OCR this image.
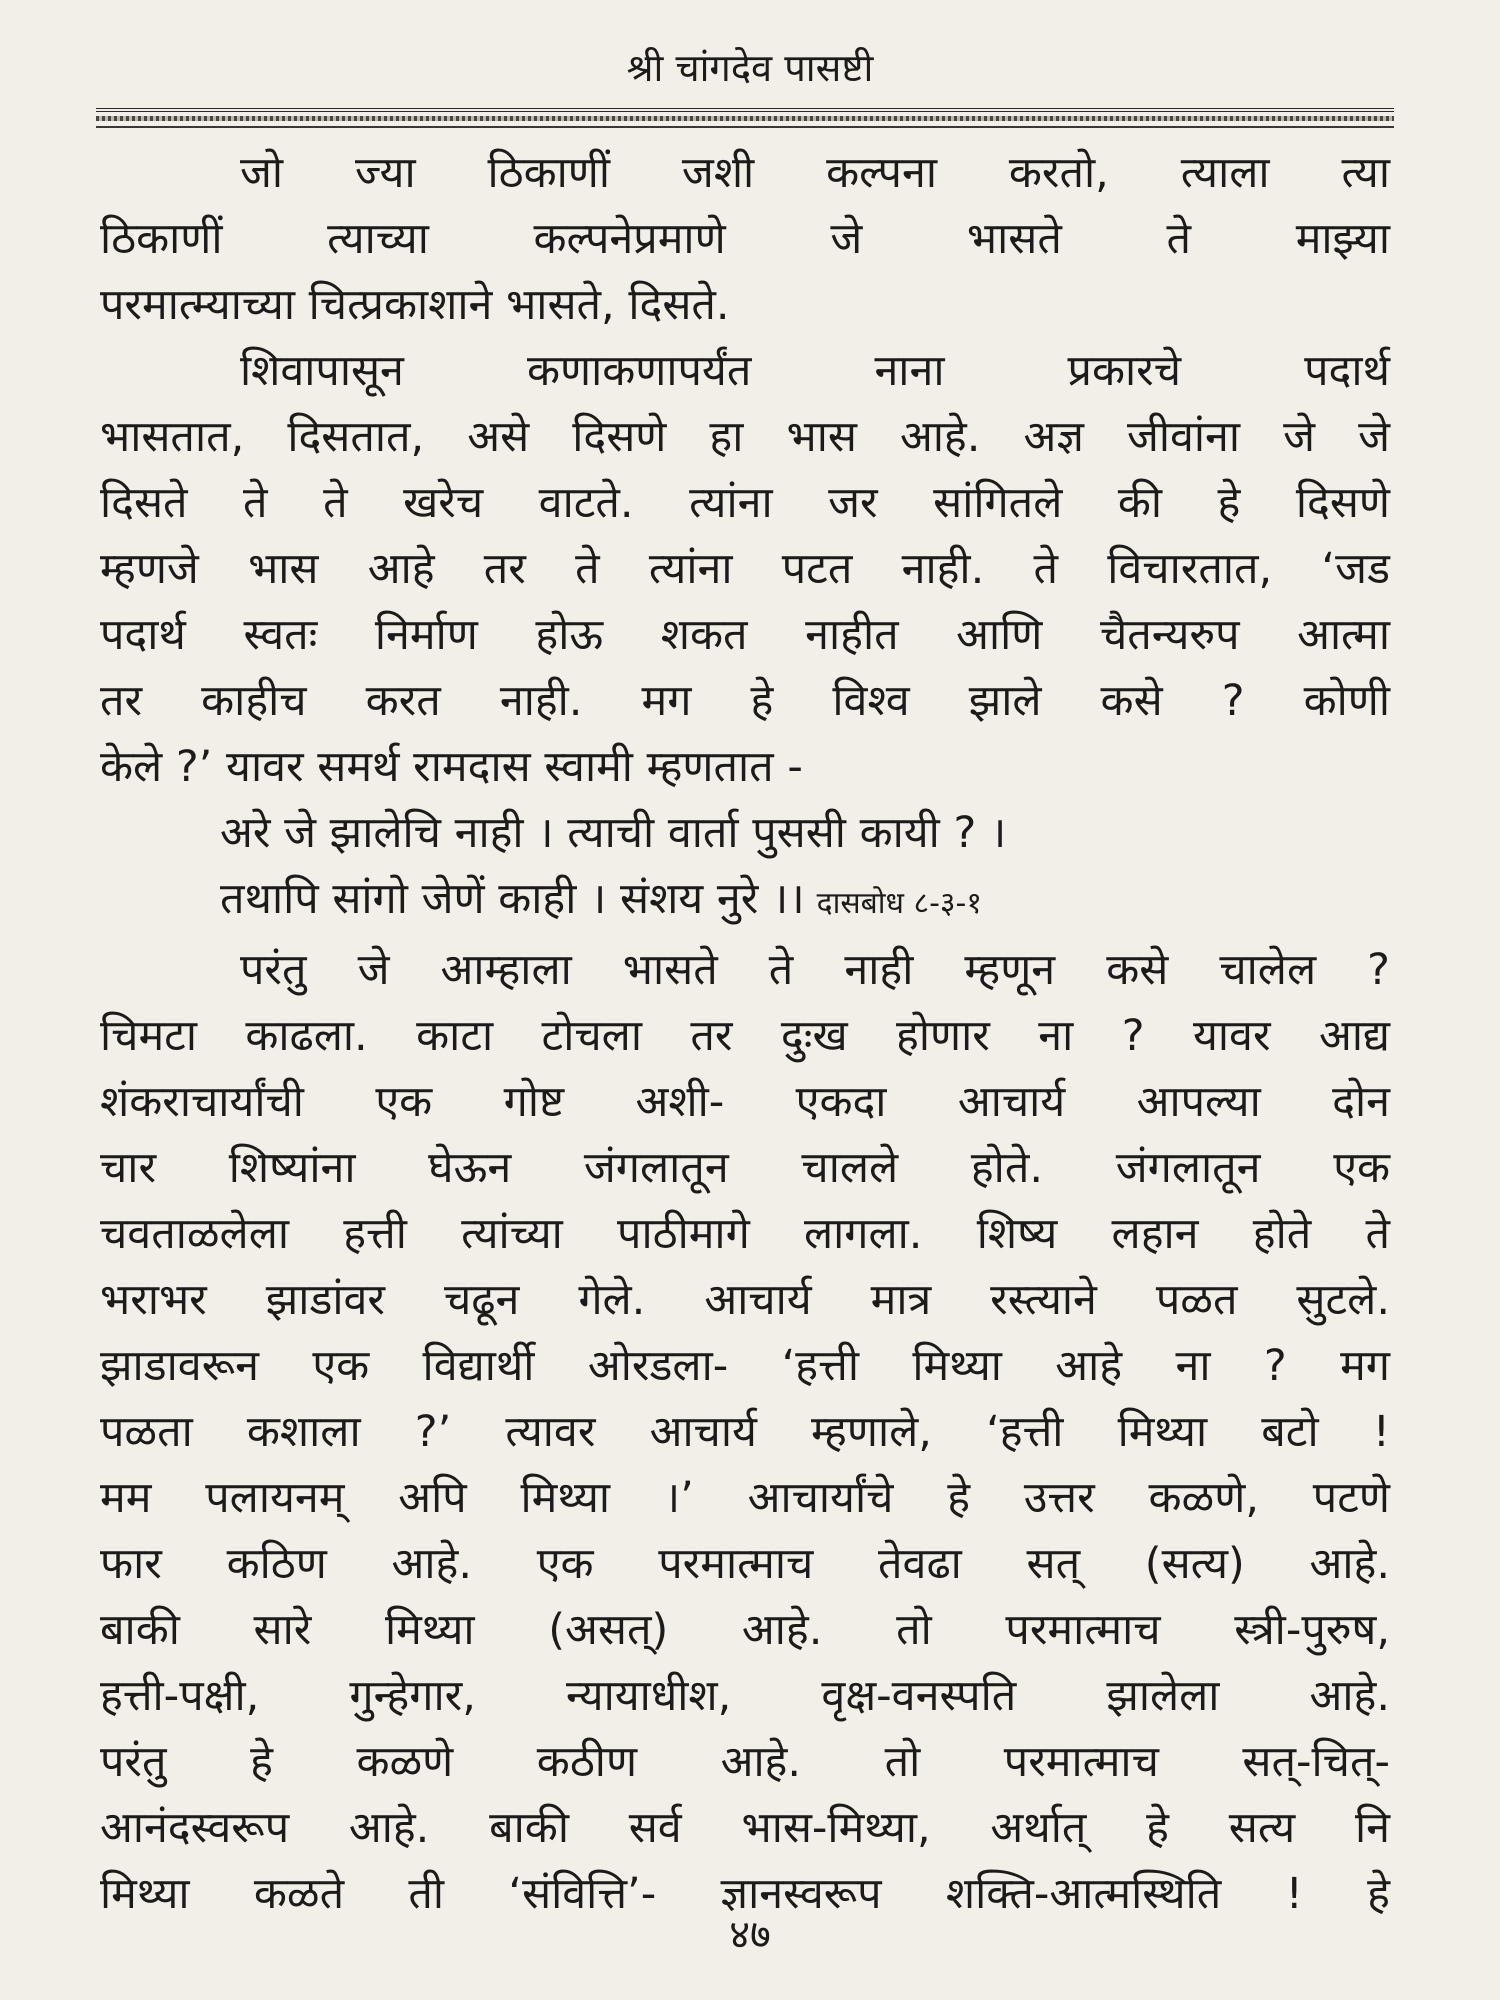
श्री चांगदेव पासष्टी

जो ज्या ठिकाणीं जशी कल्पना करतो, त्याला त्या
ठिकाणीं त्याच्या कल्पनेप्रमाणे जे भासते ते माझ्या
परमात्म्याच्या चित्प्रकाशाने भासते, दिसते.

शिवापासून कणाकणापर्यंत नाना प्रकारचे पदार्थ
भासतात, दिसतात, असे दिसणे हा भास आहे. अज्ञ जीवांना जे जे
दिसते ते ते खरेच वाटते. त्यांना जर सांगितले की हे दिसणे
म्हणजे भास आहे तर ते त्यांना पटत नाही. ते विचारतात, ‘जड
पदार्थ स्वतः निर्माण होऊ शकत नाहीत आणि चैतन्यरुप आत्मा
तर काहीच करत नाही. मग हे विश्व झाले कसे ? कोणी
केले ?’ यावर समर्थ रामदास स्वामी म्हणतात -

अरे जे झालेचि नाही । त्याची वार्ता पुससी कायी ? ।

तथापि सांगो जेणें काही । संशय नुरे ।। दासबोध ८-३-१

परंतु जे आम्हाला भासते ते नाही म्हणून कसे चालेल ?
चिमटा काढला. काटा टोचला तर दुःख होणार ना ? यावर आद्य
शंकराचार्यांची एक गोष्ट अशी- एकदा आचार्य आपल्या दोन
चार शिष्यांना घेऊन जंगलातून चालले होते. जंगलातून एक
चवताळलेला हत्ती त्यांच्या पाठीमागे लागला. शिष्य लहान होते ते
भराभर झाडांवर चढून गेले. आचार्य मात्र रस्त्याने पळत सुटले.
झाडावरून एक विद्यार्थी ओरडला- ‘हत्ती मिथ्या आहे ना ? मग
पळता कशाला ?’ त्यावर आचार्य म्हणाले, ‘हत्ती मिथ्या बटो !
मम पलायनम् अपि मिथ्या ।’ आचार्यांचे हे उत्तर कळणे, पटणे
फार कठिण आहे. एक परमात्माच तेवढा सत् (सत्य) आहे.
बाकी सारे मिथ्या (असत्) आहे. तो परमात्माच स्त्री-पुरुष,
हत्ती-पक्षी, गुन्हेगार, न्यायाधीश, वृक्ष-वनस्पति झालेला आहे.
परंतु हे कळणे कठीण आहे. तो परमात्माच सत्-चित्-
आनंदस्वरूप आहे. बाकी सर्व भास-मिथ्या, अर्थात् हे सत्य नि
मिथ्या कळते ती ‘संवित्ति’- ज्ञानस्वरूप शक्ति-आत्मस्थिति ! हे

४७
